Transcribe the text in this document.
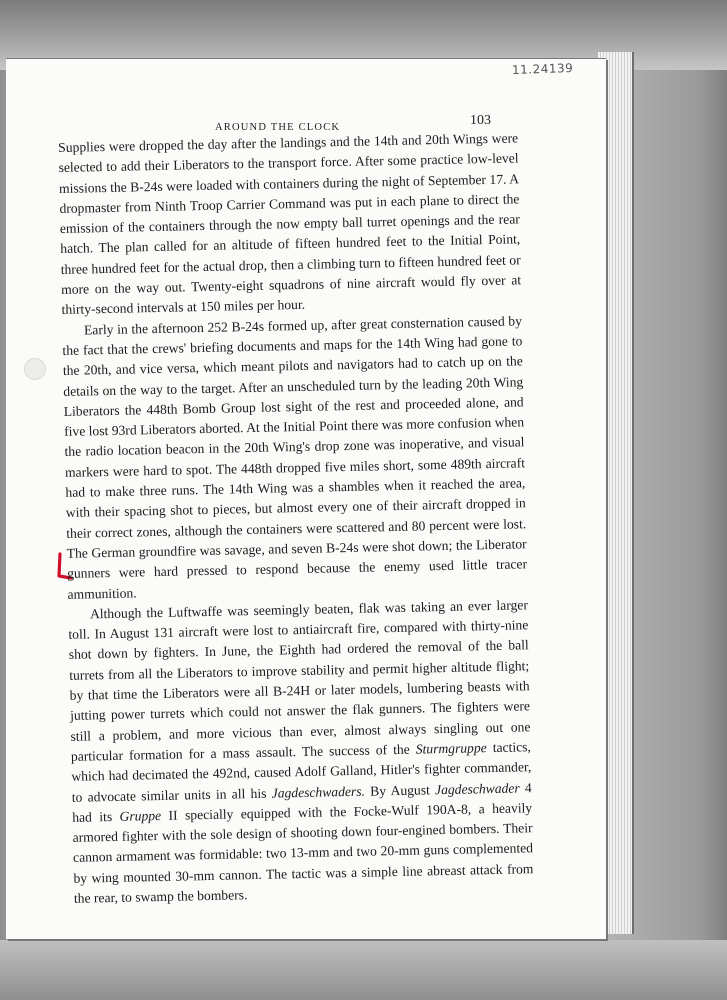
11.24139
AROUND THE CLOCK	103

Supplies were dropped the day after the landings and the 14th and 20th Wings were selected to add their Liberators to the transport force. After some practice low-level missions the B-24s were loaded with containers during the night of September 17. A dropmaster from Ninth Troop Carrier Command was put in each plane to direct the emission of the containers through the now empty ball turret openings and the rear hatch. The plan called for an altitude of fifteen hundred feet to the Initial Point, three hundred feet for the actual drop, then a climbing turn to fifteen hundred feet or more on the way out. Twenty-eight squadrons of nine aircraft would fly over at thirty-second intervals at 150 miles per hour.

Early in the afternoon 252 B-24s formed up, after great consternation caused by the fact that the crews' briefing documents and maps for the 14th Wing had gone to the 20th, and vice versa, which meant pilots and navigators had to catch up on the details on the way to the target. After an unscheduled turn by the leading 20th Wing Liberators the 448th Bomb Group lost sight of the rest and proceeded alone, and five lost 93rd Liberators aborted. At the Initial Point there was more confusion when the radio location beacon in the 20th Wing's drop zone was inoperative, and visual markers were hard to spot. The 448th dropped five miles short, some 489th aircraft had to make three runs. The 14th Wing was a shambles when it reached the area, with their spacing shot to pieces, but almost every one of their aircraft dropped in their correct zones, although the containers were scattered and 80 percent were lost. The German groundfire was savage, and seven B-24s were shot down; the Liberator gunners were hard pressed to respond because the enemy used little tracer ammunition.

Although the Luftwaffe was seemingly beaten, flak was taking an ever larger toll. In August 131 aircraft were lost to antiaircraft fire, compared with thirty-nine shot down by fighters. In June, the Eighth had ordered the removal of the ball turrets from all the Liberators to improve stability and permit higher altitude flight; by that time the Liberators were all B-24H or later models, lumbering beasts with jutting power turrets which could not answer the flak gunners. The fighters were still a problem, and more vicious than ever, almost always singling out one particular formation for a mass assault. The success of the Sturmgruppe tactics, which had decimated the 492nd, caused Adolf Galland, Hitler's fighter commander, to advocate similar units in all his Jagdeschwaders. By August Jagdeschwader 4 had its Gruppe II specially equipped with the Focke-Wulf 190A-8, a heavily armored fighter with the sole design of shooting down four-engined bombers. Their cannon armament was formidable: two 13-mm and two 20-mm guns complemented by wing mounted 30-mm cannon. The tactic was a simple line abreast attack from the rear, to swamp the bombers.
